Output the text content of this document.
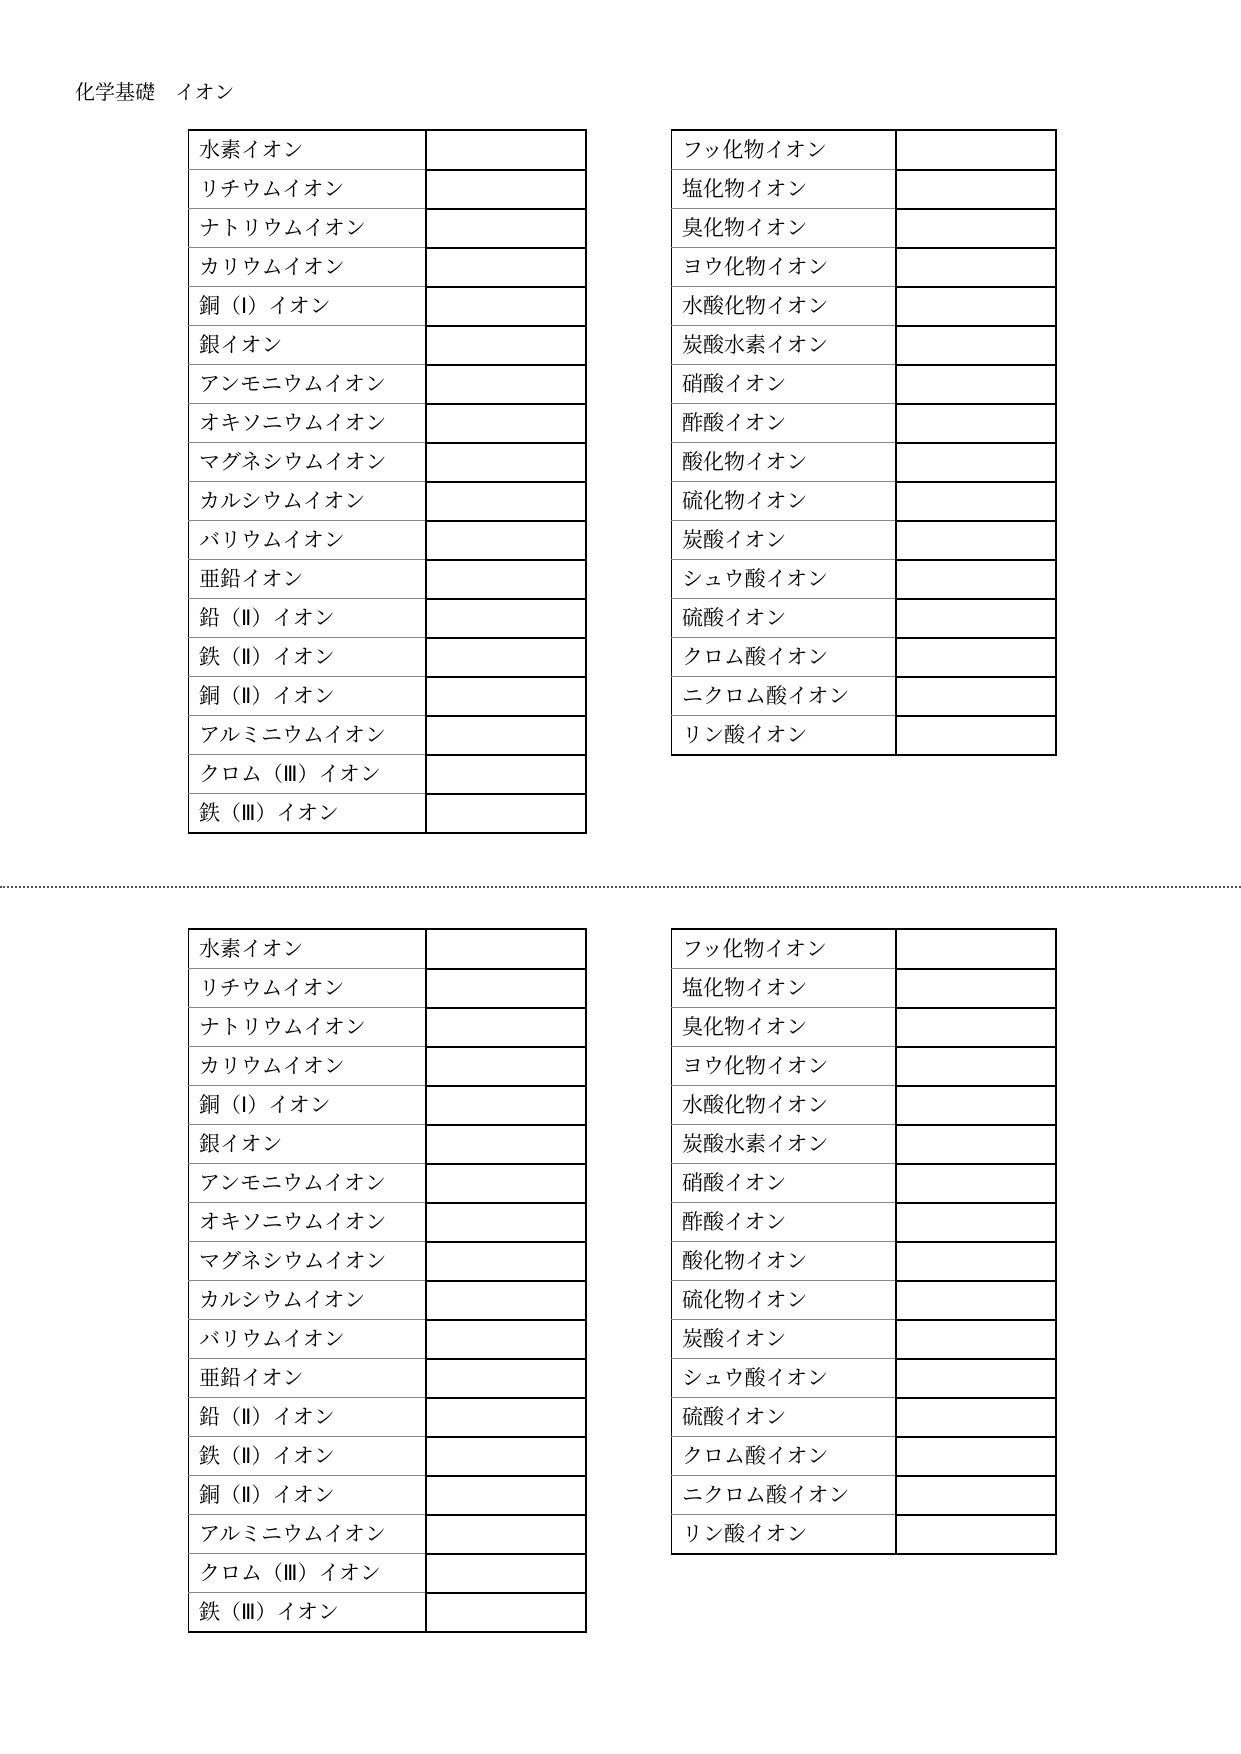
化学基礎　イオン
水素イオン	
リチウムイオン	
ナトリウムイオン	
カリウムイオン	
銅（Ⅰ）イオン	
銀イオン	
アンモニウムイオン	
オキソニウムイオン	
マグネシウムイオン	
カルシウムイオン	
バリウムイオン	
亜鉛イオン	
鉛（Ⅱ）イオン	
鉄（Ⅱ）イオン	
銅（Ⅱ）イオン	
アルミニウムイオン	
クロム（Ⅲ）イオン	
鉄（Ⅲ）イオン	
フッ化物イオン	
塩化物イオン	
臭化物イオン	
ヨウ化物イオン	
水酸化物イオン	
炭酸水素イオン	
硝酸イオン	
酢酸イオン	
酸化物イオン	
硫化物イオン	
炭酸イオン	
シュウ酸イオン	
硫酸イオン	
クロム酸イオン	
ニクロム酸イオン	
リン酸イオン	
水素イオン	
リチウムイオン	
ナトリウムイオン	
カリウムイオン	
銅（Ⅰ）イオン	
銀イオン	
アンモニウムイオン	
オキソニウムイオン	
マグネシウムイオン	
カルシウムイオン	
バリウムイオン	
亜鉛イオン	
鉛（Ⅱ）イオン	
鉄（Ⅱ）イオン	
銅（Ⅱ）イオン	
アルミニウムイオン	
クロム（Ⅲ）イオン	
鉄（Ⅲ）イオン	
フッ化物イオン	
塩化物イオン	
臭化物イオン	
ヨウ化物イオン	
水酸化物イオン	
炭酸水素イオン	
硝酸イオン	
酢酸イオン	
酸化物イオン	
硫化物イオン	
炭酸イオン	
シュウ酸イオン	
硫酸イオン	
クロム酸イオン	
ニクロム酸イオン	
リン酸イオン	
